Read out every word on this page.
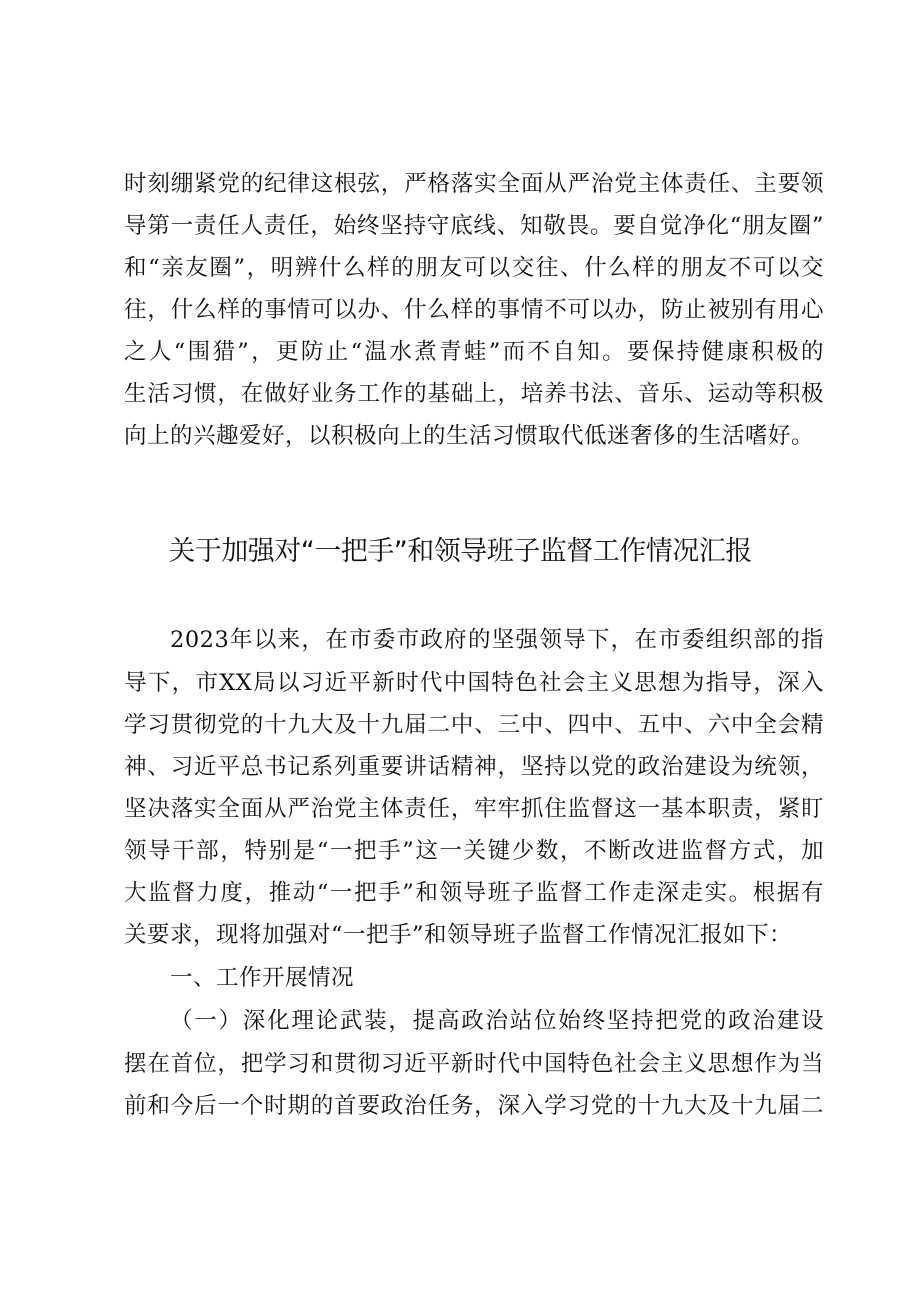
时刻绷紧党的纪律这根弦，严格落实全面从严治党主体责任、主要领

导第一责任人责任，始终坚持守底线、知敬畏。要自觉净化“朋友圈”

和“亲友圈”，明辨什么样的朋友可以交往、什么样的朋友不可以交

往，什么样的事情可以办、什么样的事情不可以办，防止被别有用心

之人“围猎”，更防止“温水煮青蛙”而不自知。要保持健康积极的

生活习惯，在做好业务工作的基础上，培养书法、音乐、运动等积极

向上的兴趣爱好，以积极向上的生活习惯取代低迷奢侈的生活嗜好。

关于加强对“一把手”和领导班子监督工作情况汇报

2023年以来，在市委市政府的坚强领导下，在市委组织部的指

导下，市XX局以习近平新时代中国特色社会主义思想为指导，深入

学习贯彻党的十九大及十九届二中、三中、四中、五中、六中全会精

神、习近平总书记系列重要讲话精神，坚持以党的政治建设为统领，

坚决落实全面从严治党主体责任，牢牢抓住监督这一基本职责，紧盯

领导干部，特别是“一把手”这一关键少数，不断改进监督方式，加

大监督力度，推动“一把手”和领导班子监督工作走深走实。根据有

关要求，现将加强对“一把手”和领导班子监督工作情况汇报如下：

一、工作开展情况

（一）深化理论武装，提高政治站位始终坚持把党的政治建设

摆在首位，把学习和贯彻习近平新时代中国特色社会主义思想作为当

前和今后一个时期的首要政治任务，深入学习党的十九大及十九届二
